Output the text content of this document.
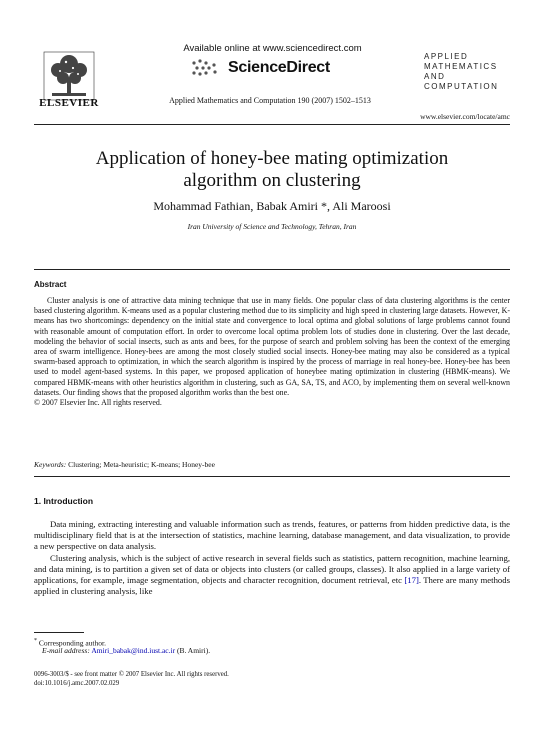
ELSEVIER
Available online at www.sciencedirect.com
ScienceDirect
Applied Mathematics and Computation 190 (2007) 1502–1513
APPLIED
MATHEMATICS
AND
COMPUTATION
www.elsevier.com/locate/amc
Application of honey-bee mating optimization algorithm on clustering
Mohammad Fathian, Babak Amiri *, Ali Maroosi
Iran University of Science and Technology, Tehran, Iran
Abstract
Cluster analysis is one of attractive data mining technique that use in many fields. One popular class of data clustering algorithms is the center based clustering algorithm. K-means used as a popular clustering method due to its simplicity and high speed in clustering large datasets. However, K-means has two shortcomings: dependency on the initial state and convergence to local optima and global solutions of large problems cannot found with reasonable amount of computation effort. In order to overcome local optima problem lots of studies done in clustering. Over the last decade, modeling the behavior of social insects, such as ants and bees, for the purpose of search and problem solving has been the context of the emerging area of swarm intelligence. Honey-bees are among the most closely studied social insects. Honey-bee mating may also be considered as a typical swarm-based approach to optimization, in which the search algorithm is inspired by the process of marriage in real honey-bee. Honey-bee has been used to model agent-based systems. In this paper, we proposed application of honeybee mating optimization in clustering (HBMK-means). We compared HBMK-means with other heuristics algorithm in clustering, such as GA, SA, TS, and ACO, by implementing them on several well-known datasets. Our finding shows that the proposed algorithm works than the best one.
© 2007 Elsevier Inc. All rights reserved.
Keywords: Clustering; Meta-heuristic; K-means; Honey-bee
1. Introduction

Data mining, extracting interesting and valuable information such as trends, features, or patterns from hidden predictive data, is the multidisciplinary field that is at the intersection of statistics, machine learning, database management, and data visualization, to provide a new perspective on data analysis.

Clustering analysis, which is the subject of active research in several fields such as statistics, pattern recognition, machine learning, and data mining, is to partition a given set of data or objects into clusters (or called groups, classes). It also applied in a large variety of applications, for example, image segmentation, objects and character recognition, document retrieval, etc [17]. There are many methods applied in clustering analysis, like

* Corresponding author.
E-mail address: Amiri_babak@ind.iust.ac.ir (B. Amiri).
0096-3003/$ - see front matter © 2007 Elsevier Inc. All rights reserved.
doi:10.1016/j.amc.2007.02.029
